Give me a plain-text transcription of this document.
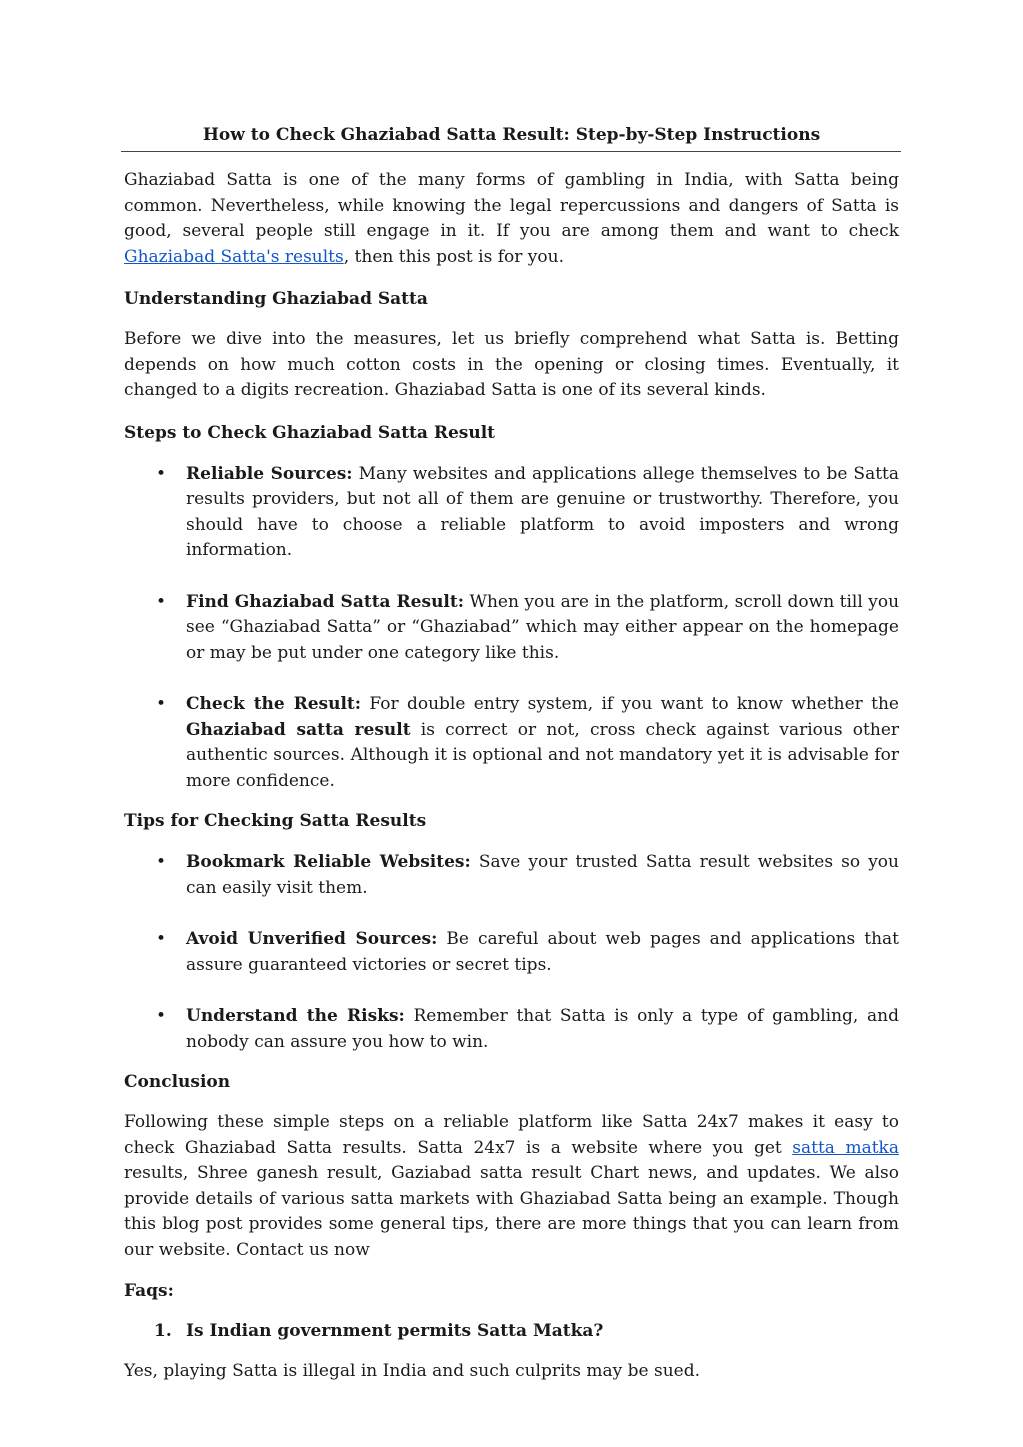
How to Check Ghaziabad Satta Result: Step-by-Step Instructions

Ghaziabad Satta is one of the many forms of gambling in India, with Satta being common. Nevertheless, while knowing the legal repercussions and dangers of Satta is good, several people still engage in it. If you are among them and want to check Ghaziabad Satta's results, then this post is for you.

Understanding Ghaziabad Satta

Before we dive into the measures, let us briefly comprehend what Satta is. Betting depends on how much cotton costs in the opening or closing times. Eventually, it changed to a digits recreation. Ghaziabad Satta is one of its several kinds.

Steps to Check Ghaziabad Satta Result
• Reliable Sources: Many websites and applications allege themselves to be Satta results providers, but not all of them are genuine or trustworthy. Therefore, you should have to choose a reliable platform to avoid imposters and wrong information.
• Find Ghaziabad Satta Result: When you are in the platform, scroll down till you see “Ghaziabad Satta” or “Ghaziabad” which may either appear on the homepage or may be put under one category like this.
• Check the Result: For double entry system, if you want to know whether the Ghaziabad satta result is correct or not, cross check against various other authentic sources. Although it is optional and not mandatory yet it is advisable for more confidence.
Tips for Checking Satta Results
• Bookmark Reliable Websites: Save your trusted Satta result websites so you can easily visit them.
• Avoid Unverified Sources: Be careful about web pages and applications that assure guaranteed victories or secret tips.
• Understand the Risks: Remember that Satta is only a type of gambling, and nobody can assure you how to win.
Conclusion

Following these simple steps on a reliable platform like Satta 24x7 makes it easy to check Ghaziabad Satta results. Satta 24x7 is a website where you get satta matka results, Shree ganesh result, Gaziabad satta result Chart news, and updates. We also provide details of various satta markets with Ghaziabad Satta being an example. Though this blog post provides some general tips, there are more things that you can learn from our website. Contact us now

Faqs:
1. Is Indian government permits Satta Matka?

Yes, playing Satta is illegal in India and such culprits may be sued.
